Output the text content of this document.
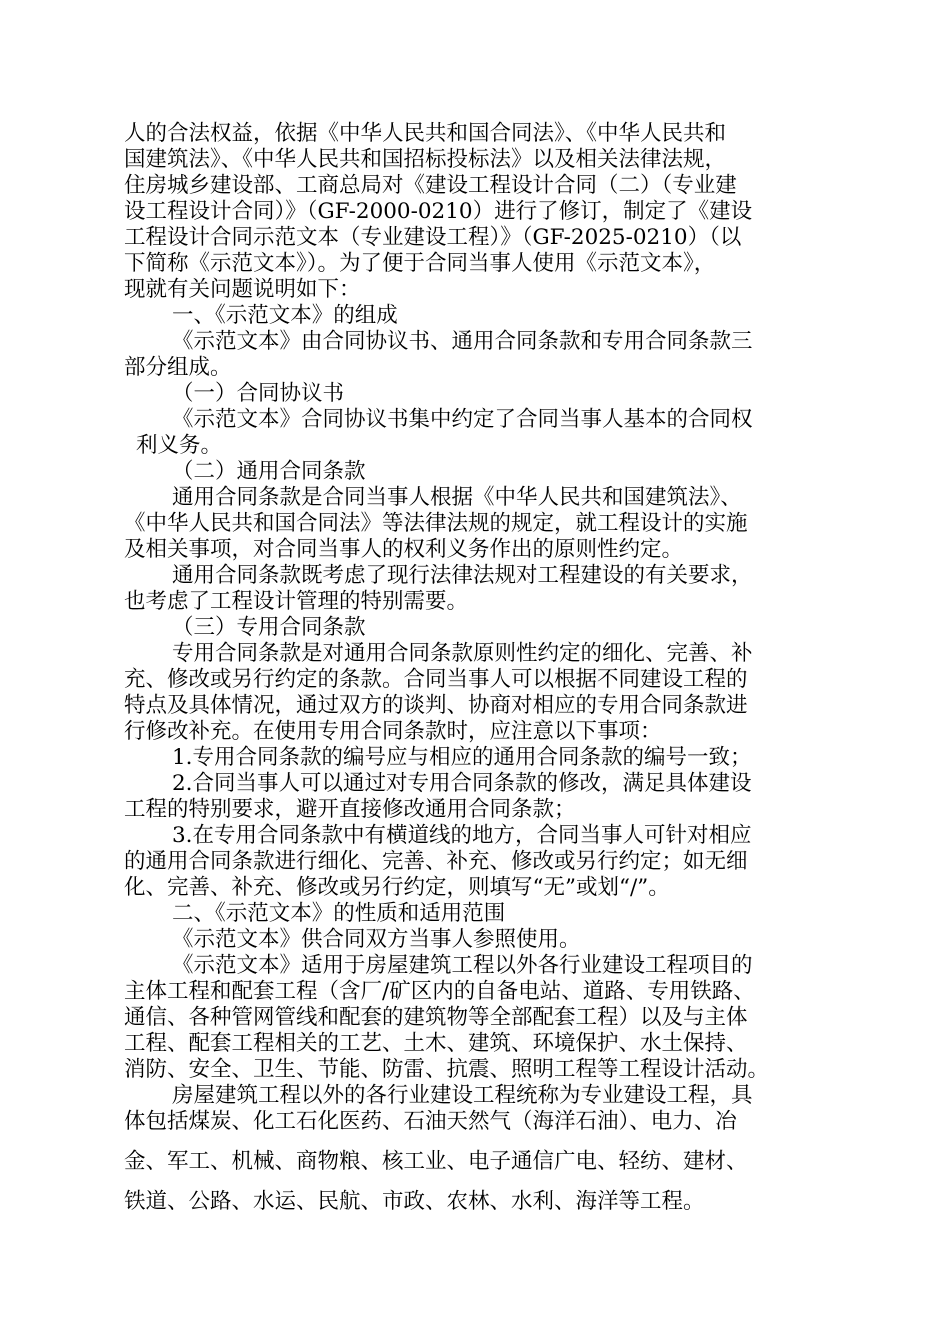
人的合法权益，依据《中华人民共和国合同法》、《中华人民共和
国建筑法》、《中华人民共和国招标投标法》以及相关法律法规，
住房城乡建设部、工商总局对《建设工程设计合同（二）（专业建
设工程设计合同）》（GF-2000-0210）进行了修订，制定了《建设
工程设计合同示范文本（专业建设工程）》（GF-2025-0210）（以
下简称《示范文本》）。为了便于合同当事人使用《示范文本》，
现就有关问题说明如下：
一、《示范文本》的组成
《示范文本》由合同协议书、通用合同条款和专用合同条款三
部分组成。
（一）合同协议书
《示范文本》合同协议书集中约定了合同当事人基本的合同权
利义务。
（二）通用合同条款
通用合同条款是合同当事人根据《中华人民共和国建筑法》、
《中华人民共和国合同法》等法律法规的规定，就工程设计的实施
及相关事项，对合同当事人的权利义务作出的原则性约定。
通用合同条款既考虑了现行法律法规对工程建设的有关要求，
也考虑了工程设计管理的特别需要。
（三）专用合同条款
专用合同条款是对通用合同条款原则性约定的细化、完善、补
充、修改或另行约定的条款。合同当事人可以根据不同建设工程的
特点及具体情况，通过双方的谈判、协商对相应的专用合同条款进
行修改补充。在使用专用合同条款时，应注意以下事项：
1.专用合同条款的编号应与相应的通用合同条款的编号一致；
2.合同当事人可以通过对专用合同条款的修改，满足具体建设
工程的特别要求，避开直接修改通用合同条款；
3.在专用合同条款中有横道线的地方，合同当事人可针对相应
的通用合同条款进行细化、完善、补充、修改或另行约定；如无细
化、完善、补充、修改或另行约定，则填写“无”或划“/”。
二、《示范文本》的性质和适用范围
《示范文本》供合同双方当事人参照使用。
《示范文本》适用于房屋建筑工程以外各行业建设工程项目的
主体工程和配套工程（含厂/矿区内的自备电站、道路、专用铁路、
通信、各种管网管线和配套的建筑物等全部配套工程）以及与主体
工程、配套工程相关的工艺、土木、建筑、环境保护、水土保持、
消防、安全、卫生、节能、防雷、抗震、照明工程等工程设计活动。
房屋建筑工程以外的各行业建设工程统称为专业建设工程，具
体包括煤炭、化工石化医药、石油天然气（海洋石油）、电力、冶
金、军工、机械、商物粮、核工业、电子通信广电、轻纺、建材、
铁道、公路、水运、民航、市政、农林、水利、海洋等工程。
